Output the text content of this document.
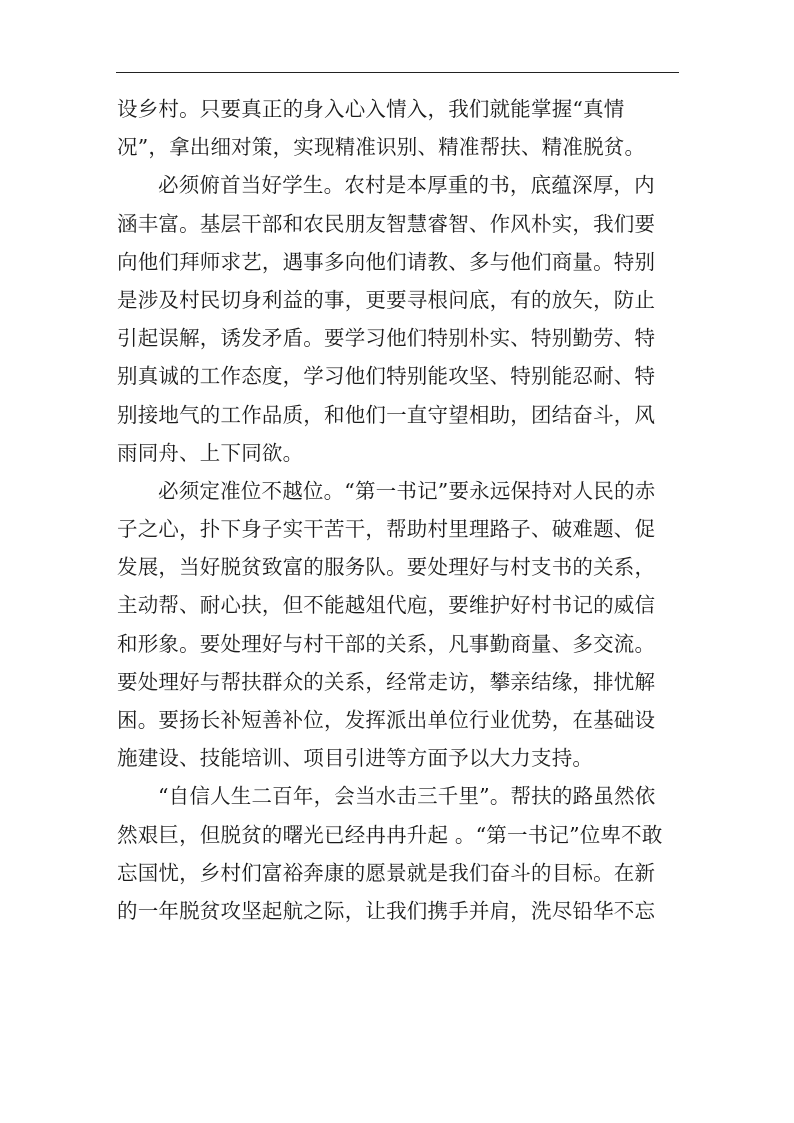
设乡村。只要真正的身入心入情入，我们就能掌握“真情
况”，拿出细对策，实现精准识别、精准帮扶、精准脱贫。
必须俯首当好学生。农村是本厚重的书，底蕴深厚，内
涵丰富。基层干部和农民朋友智慧睿智、作风朴实，我们要
向他们拜师求艺，遇事多向他们请教、多与他们商量。特别
是涉及村民切身利益的事，更要寻根问底，有的放矢，防止
引起误解，诱发矛盾。要学习他们特别朴实、特别勤劳、特
别真诚的工作态度，学习他们特别能攻坚、特别能忍耐、特
别接地气的工作品质，和他们一直守望相助，团结奋斗，风
雨同舟、上下同欲。
必须定准位不越位。“第一书记”要永远保持对人民的赤
子之心，扑下身子实干苦干，帮助村里理路子、破难题、促
发展，当好脱贫致富的服务队。要处理好与村支书的关系，
主动帮、耐心扶，但不能越俎代庖，要维护好村书记的威信
和形象。要处理好与村干部的关系，凡事勤商量、多交流。
要处理好与帮扶群众的关系，经常走访，攀亲结缘，排忧解
困。要扬长补短善补位，发挥派出单位行业优势，在基础设
施建设、技能培训、项目引进等方面予以大力支持。
“自信人生二百年，会当水击三千里”。帮扶的路虽然依
然艰巨，但脱贫的曙光已经冉冉升起 。“第一书记”位卑不敢
忘国忧，乡村们富裕奔康的愿景就是我们奋斗的目标。在新
的一年脱贫攻坚起航之际，让我们携手并肩，洗尽铅华不忘
